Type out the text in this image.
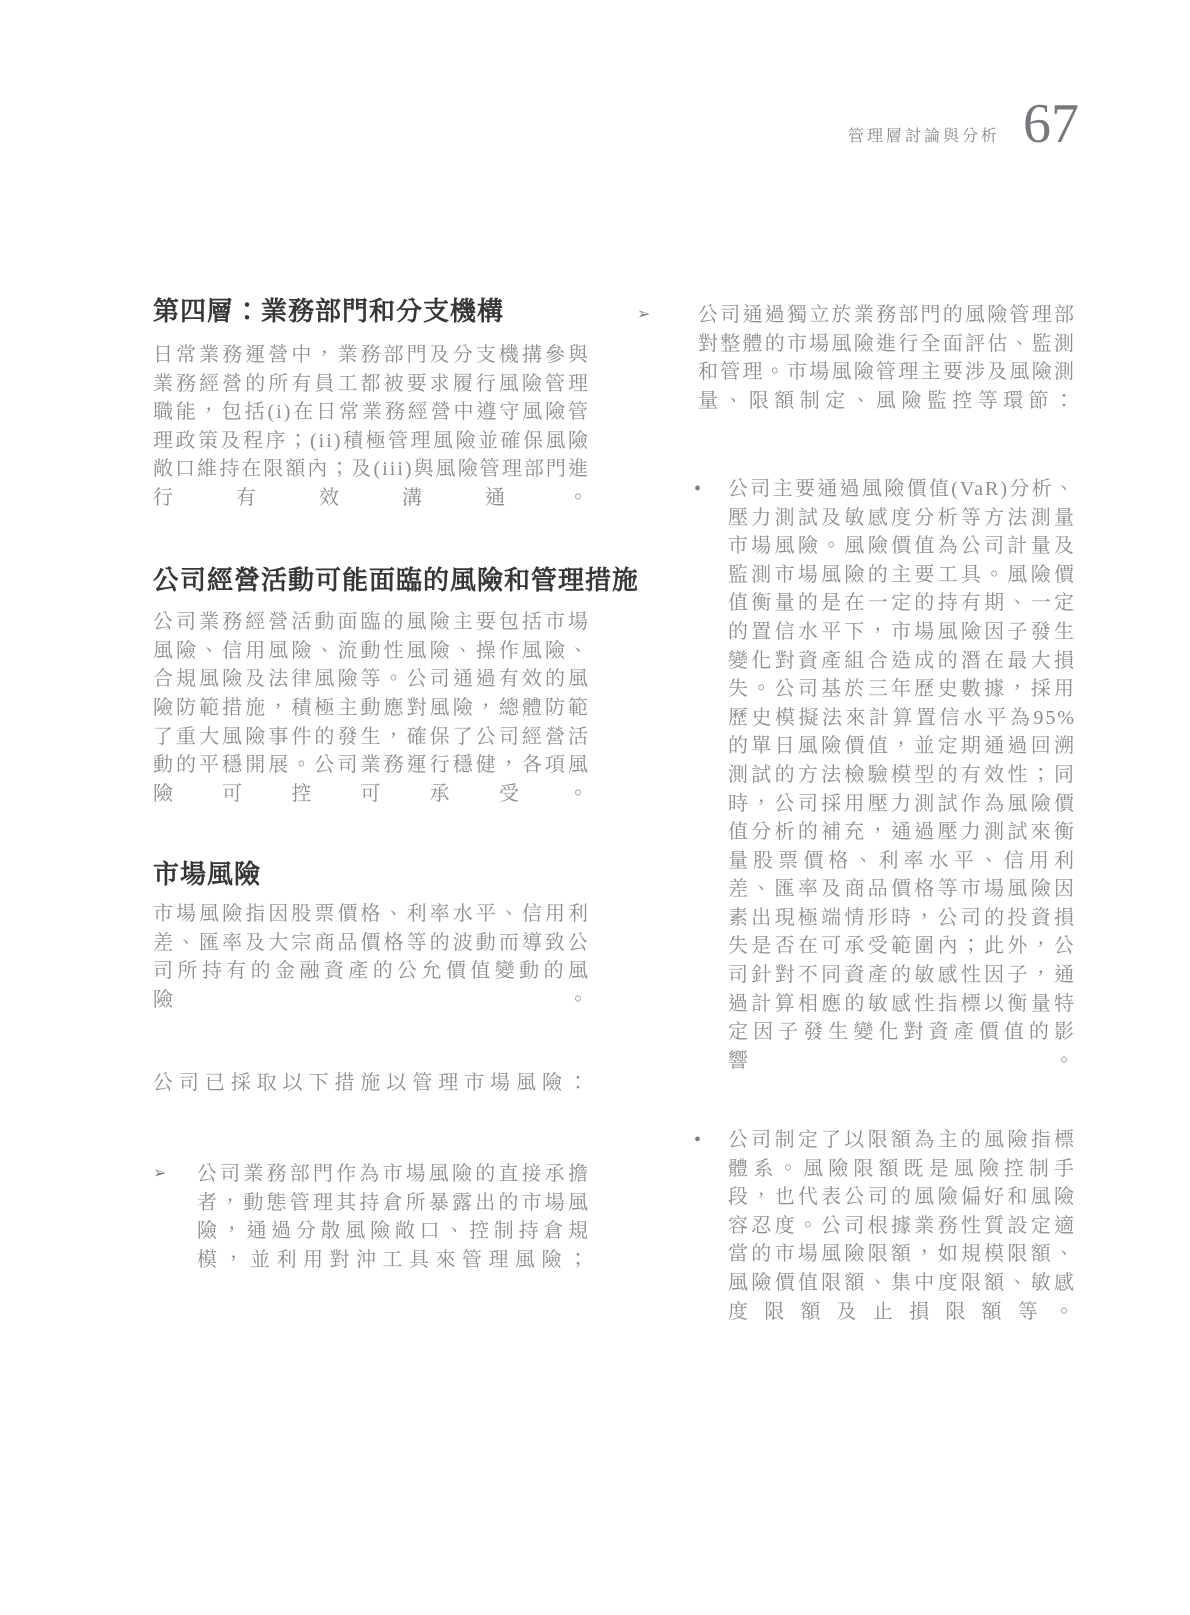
管理層討論與分析 67
第四層：業務部門和分支機構

日常業務運營中，業務部門及分支機搆參與業務經營的所有員工都被要求履行風險管理職能，包括(i)在日常業務經營中遵守風險管理政策及程序；(ii)積極管理風險並確保風險敞口維持在限額內；及(iii)與風險管理部門進行有效溝通。

公司經營活動可能面臨的風險和管理措施

公司業務經營活動面臨的風險主要包括市場風險、信用風險、流動性風險、操作風險、合規風險及法律風險等。公司通過有效的風險防範措施，積極主動應對風險，總體防範了重大風險事件的發生，確保了公司經營活動的平穩開展。公司業務運行穩健，各項風險可控可承受。

市場風險

市場風險指因股票價格、利率水平、信用利差、匯率及大宗商品價格等的波動而導致公司所持有的金融資產的公允價值變動的風險。

公司已採取以下措施以管理市場風險：

➢	公司業務部門作為市場風險的直接承擔者，動態管理其持倉所暴露出的市場風險，通過分散風險敞口、控制持倉規模，並利用對沖工具來管理風險；
➢	公司通過獨立於業務部門的風險管理部對整體的市場風險進行全面評估、監測和管理。市場風險管理主要涉及風險測量、限額制定、風險監控等環節：
•	公司主要通過風險價值(VaR)分析、壓力測試及敏感度分析等方法測量市場風險。風險價值為公司計量及監測市場風險的主要工具。風險價值衡量的是在一定的持有期、一定的置信水平下，市場風險因子發生變化對資產組合造成的潛在最大損失。公司基於三年歷史數據，採用歷史模擬法來計算置信水平為95%的單日風險價值，並定期通過回溯測試的方法檢驗模型的有效性；同時，公司採用壓力測試作為風險價值分析的補充，通過壓力測試來衡量股票價格、利率水平、信用利差、匯率及商品價格等市場風險因素出現極端情形時，公司的投資損失是否在可承受範圍內；此外，公司針對不同資產的敏感性因子，通過計算相應的敏感性指標以衡量特定因子發生變化對資產價值的影響。
•	公司制定了以限額為主的風險指標體系。風險限額既是風險控制手段，也代表公司的風險偏好和風險容忍度。公司根據業務性質設定適當的市場風險限額，如規模限額、風險價值限額、集中度限額、敏感度限額及止損限額等。
